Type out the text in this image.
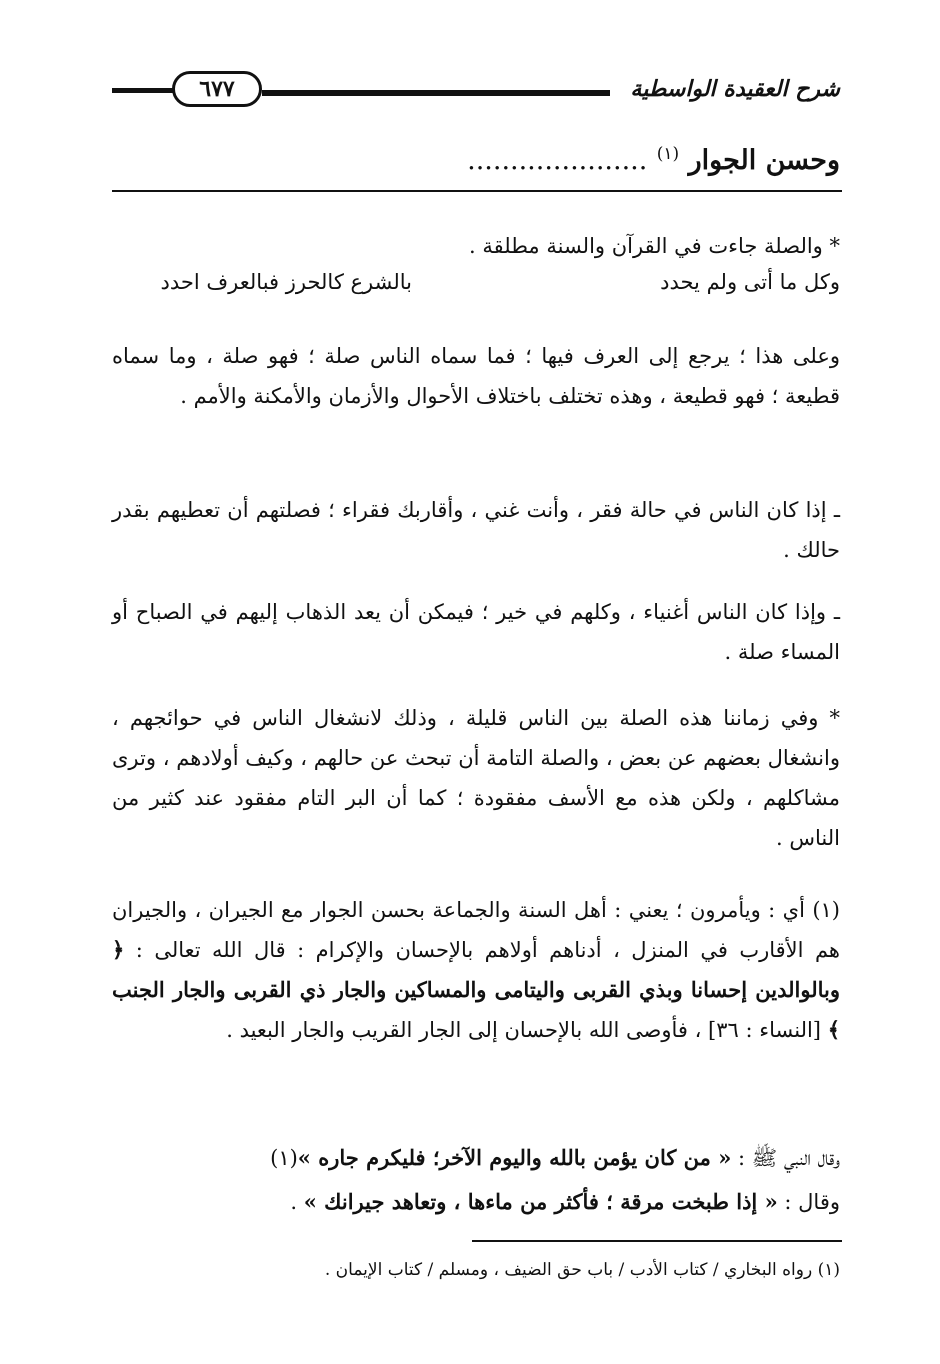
شرح العقيدة الواسطية
٦٧٧
وحسن الجوار $^{(١)}$ .....................
* والصلة جاءت في القرآن والسنة مطلقة .
وكل ما أتى ولم يحدد
بالشرع كالحرز فبالعرف احدد
وعلى هذا ؛ يرجع إلى العرف فيها ؛ فما سماه الناس صلة ؛ فهو صلة ، وما سماه قطيعة ؛ فهو قطيعة ، وهذه تختلف باختلاف الأحوال والأزمان والأمكنة والأمم .
ـ إذا كان الناس في حالة فقر ، وأنت غني ، وأقاربك فقراء ؛ فصلتهم أن تعطيهم بقدر حالك .
ـ وإذا كان الناس أغنياء ، وكلهم في خير ؛ فيمكن أن يعد الذهاب إليهم في الصباح أو المساء صلة .
* وفي زماننا هذه الصلة بين الناس قليلة ، وذلك لانشغال الناس في حوائجهم ، وانشغال بعضهم عن بعض ، والصلة التامة أن تبحث عن حالهم ، وكيف أولادهم ، وترى مشاكلهم ، ولكن هذه مع الأسف مفقودة ؛ كما أن البر التام مفقود عند كثير من الناس .
(١) أي : ويأمرون ؛ يعني : أهل السنة والجماعة بحسن الجوار مع الجيران ، والجيران هم الأقارب في المنزل ، أدناهم أولاهم بالإحسان والإكرام : قال الله تعالى : ﴿ وبالوالدين إحسانا وبذي القربى واليتامى والمساكين والجار ذي القربى والجار الجنب ﴾ [النساء : ٣٦] ، فأوصى الله بالإحسان إلى الجار القريب والجار البعيد .
وقال النبي ﷺ : « من كان يؤمن بالله واليوم الآخر؛ فليكرم جاره »(١)
وقال : « إذا طبخت مرقة ؛ فأكثر من ماءها ، وتعاهد جيرانك » .
(١) رواه البخاري / كتاب الأدب / باب حق الضيف ، ومسلم / كتاب الإيمان .
